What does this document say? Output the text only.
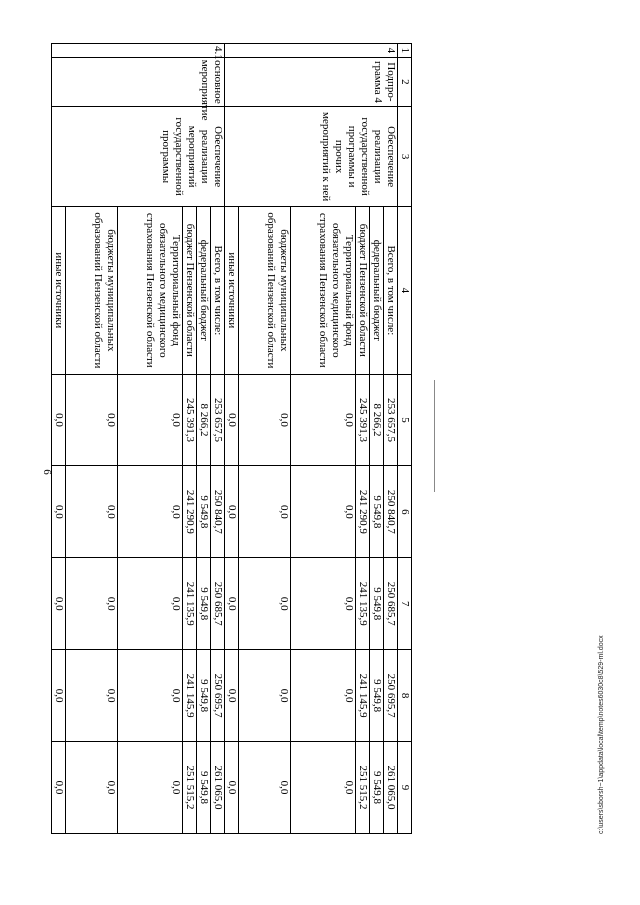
6
1	2	3	4	5	6	7	8	9
4	Подпро- грамма 4	Обеспечение реализации государственной программы и прочих мероприятий к ней	Всего, в том числе:	253 657,5	250 840,7	250 685,7	250 695,7	261 065,0
			федеральный бюджет	8 266,2	9 549,8	9 549,8	9 549,8	9 549,8
			бюджет Пензенской области	245 391,3	241 290,9	241 135,9	241 145,9	251 515,2
			Территориальный фонд обязательного медицинского страхования Пензенской области	0,0	0,0	0,0	0,0	0,0
			бюджеты муниципальных образований Пензенской области	0,0	0,0	0,0	0,0	0,0
			иные источники	0,0	0,0	0,0	0,0	0,0
4.1	основное мероприятие	Обеспечение реализации мероприятий государственной программы	Всего, в том числе:	253 657,5	250 840,7	250 685,7	250 695,7	261 065,0
			федеральный бюджет	8 266,2	9 549,8	9 549,8	9 549,8	9 549,8
			бюджет Пензенской области	245 391,3	241 290,9	241 135,9	241 145,9	251 515,2
			Территориальный фонд обязательного медицинского страхования Пензенской области	0,0	0,0	0,0	0,0	0,0
			бюджеты муниципальных образований Пензенской области	0,0	0,0	0,0	0,0	0,0
			иные источники	0,0	0,0	0,0	0,0	0,0	c:\users\sborsh~1\appdata\local\temp\notes6030c8\529-ml.docx
